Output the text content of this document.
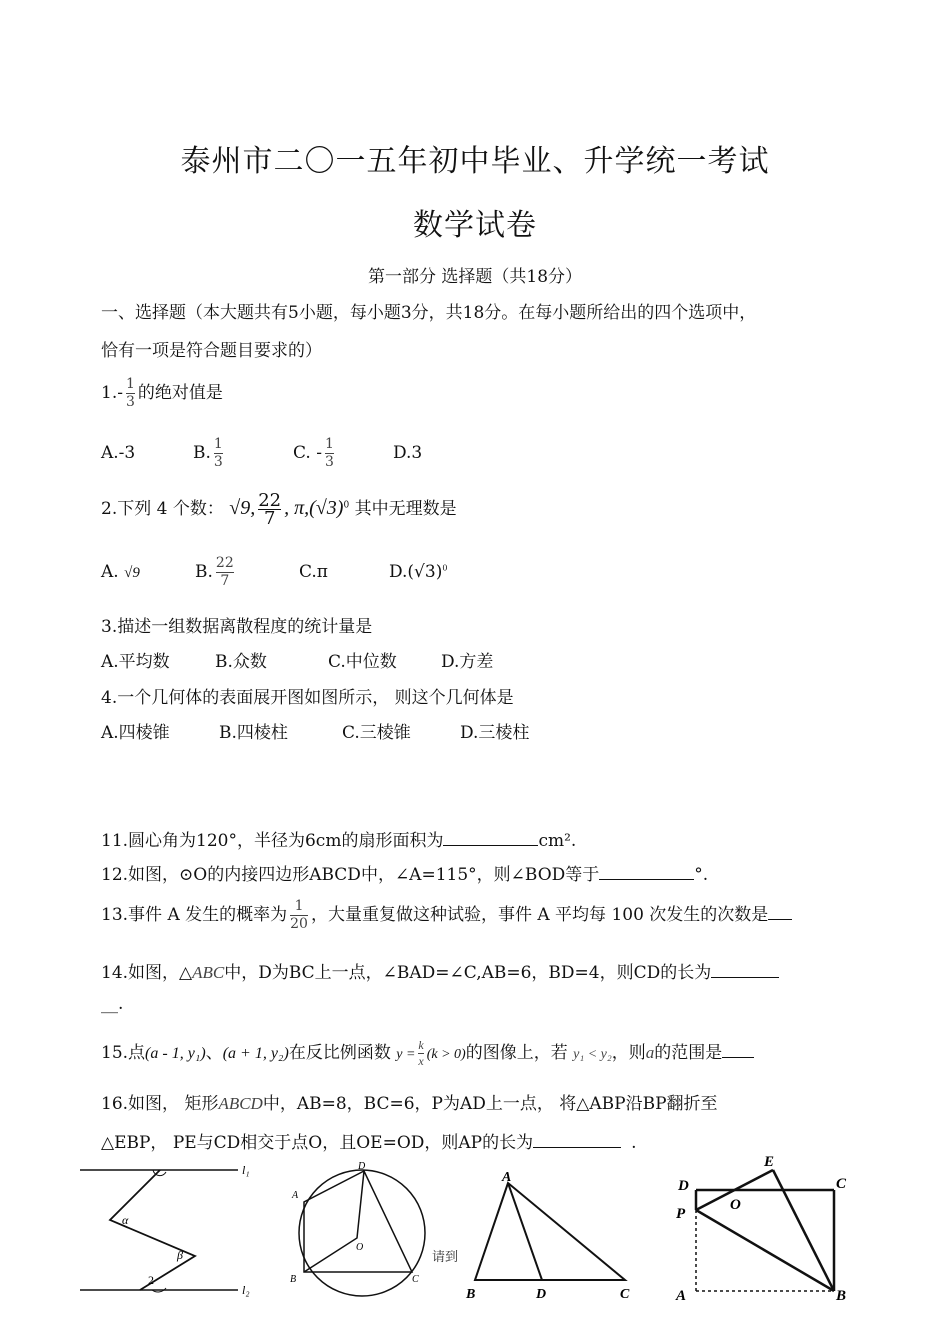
泰州市二〇一五年初中毕业、升学统一考试
数学试卷
第一部分 选择题（共18分）
一、选择题（本大题共有5小题，每小题3分，共18分。在每小题所给出的四个选项中，
恰有一项是符合题目要求的）
$1.- \frac{1}{3}$ 的绝对值是
A.-3	B. $\frac{1}{3}$	C. - $\frac{1}{3}$	D.3
2.下列 4 个数： √9, $\frac{22}{7}$ , $\pi,(√3)^0$ 其中无理数是
A. √9	B. $\frac{22}{7}$	C.π	$D.(√3)^0$
3.描述一组数据离散程度的统计量是
A.平均数	B.众数	C.中位数	D.方差
4.一个几何体的表面展开图如图所示， 则这个几何体是
A.四棱锥	B.四棱柱	C.三棱锥	D.三棱柱
11.圆心角为120°，半径为6cm的扇形面积为	cm².
12.如图，⊙O的内接四边形ABCD中，∠A=115°，则∠BOD等于	°.
13.事件 A 发生的概率为 $\frac{1}{20}$ ，大量重复做这种试验，事件 A 平均每 100 次发生的次数是
14.如图，△ABC中，D为BC上一点，∠BAD=∠C,AB=6，BD=4，则CD的长为
__.
15.点(a - 1, y₁)、(a + 1, y₂)在反比例函数 $y = \frac{k}{x} (k > 0)$的图像上，若 y₁ < y₂，则a的范围是
16.如图， 矩形ABCD中，AB=8，BC=6，P为AD上一点， 将△ABP沿BP翻折至
△EBP， PE与CD相交于点O，且OE=OD，则AP的长为	.
l₁
l₂
α
β
2
D
A
O
B	C
请到
A
B	D	C
E
D	C
O
P
A	B
